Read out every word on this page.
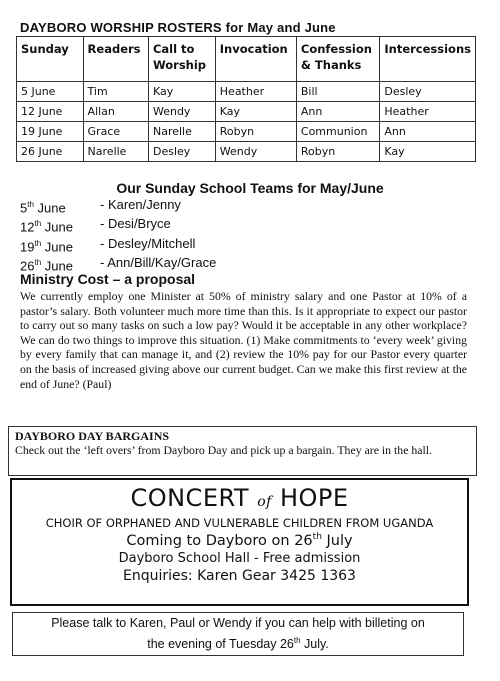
DAYBORO WORSHIP ROSTERS for May and June
Sunday	Readers	Call to Worship	Invocation	Confession & Thanks	Intercessions
5 June	Tim	Kay	Heather	Bill	Desley
12 June	Allan	Wendy	Kay	Ann	Heather
19 June	Grace	Narelle	Robyn	Communion	Ann
26 June	Narelle	Desley	Wendy	Robyn	Kay
Our Sunday School Teams for May/June
5th June	- Karen/Jenny
12th June	- Desi/Bryce
19th June	- Desley/Mitchell
26th June	- Ann/Bill/Kay/Grace
Ministry Cost – a proposal
We currently employ one Minister at 50% of ministry salary and one Pastor at 10% of a pastor’s salary. Both volunteer much more time than this. Is it appropriate to expect our pastor to carry out so many tasks on such a low pay? Would it be acceptable in any other workplace? We can do two things to improve this situation. (1) Make commitments to ‘every week’ giving by every family that can manage it, and (2) review the 10% pay for our Pastor every quarter on the basis of increased giving above our current budget. Can we make this first review at the end of June? (Paul)
DAYBORO DAY BARGAINS
Check out the ‘left overs’ from Dayboro Day and pick up a bargain. They are in the hall.
CONCERT of HOPE
CHOIR OF ORPHANED AND VULNERABLE CHILDREN FROM UGANDA
Coming to Dayboro on 26th July
Dayboro School Hall - Free admission
Enquiries: Karen Gear 3425 1363
Please talk to Karen, Paul or Wendy if you can help with billeting on
the evening of Tuesday 26th July.
